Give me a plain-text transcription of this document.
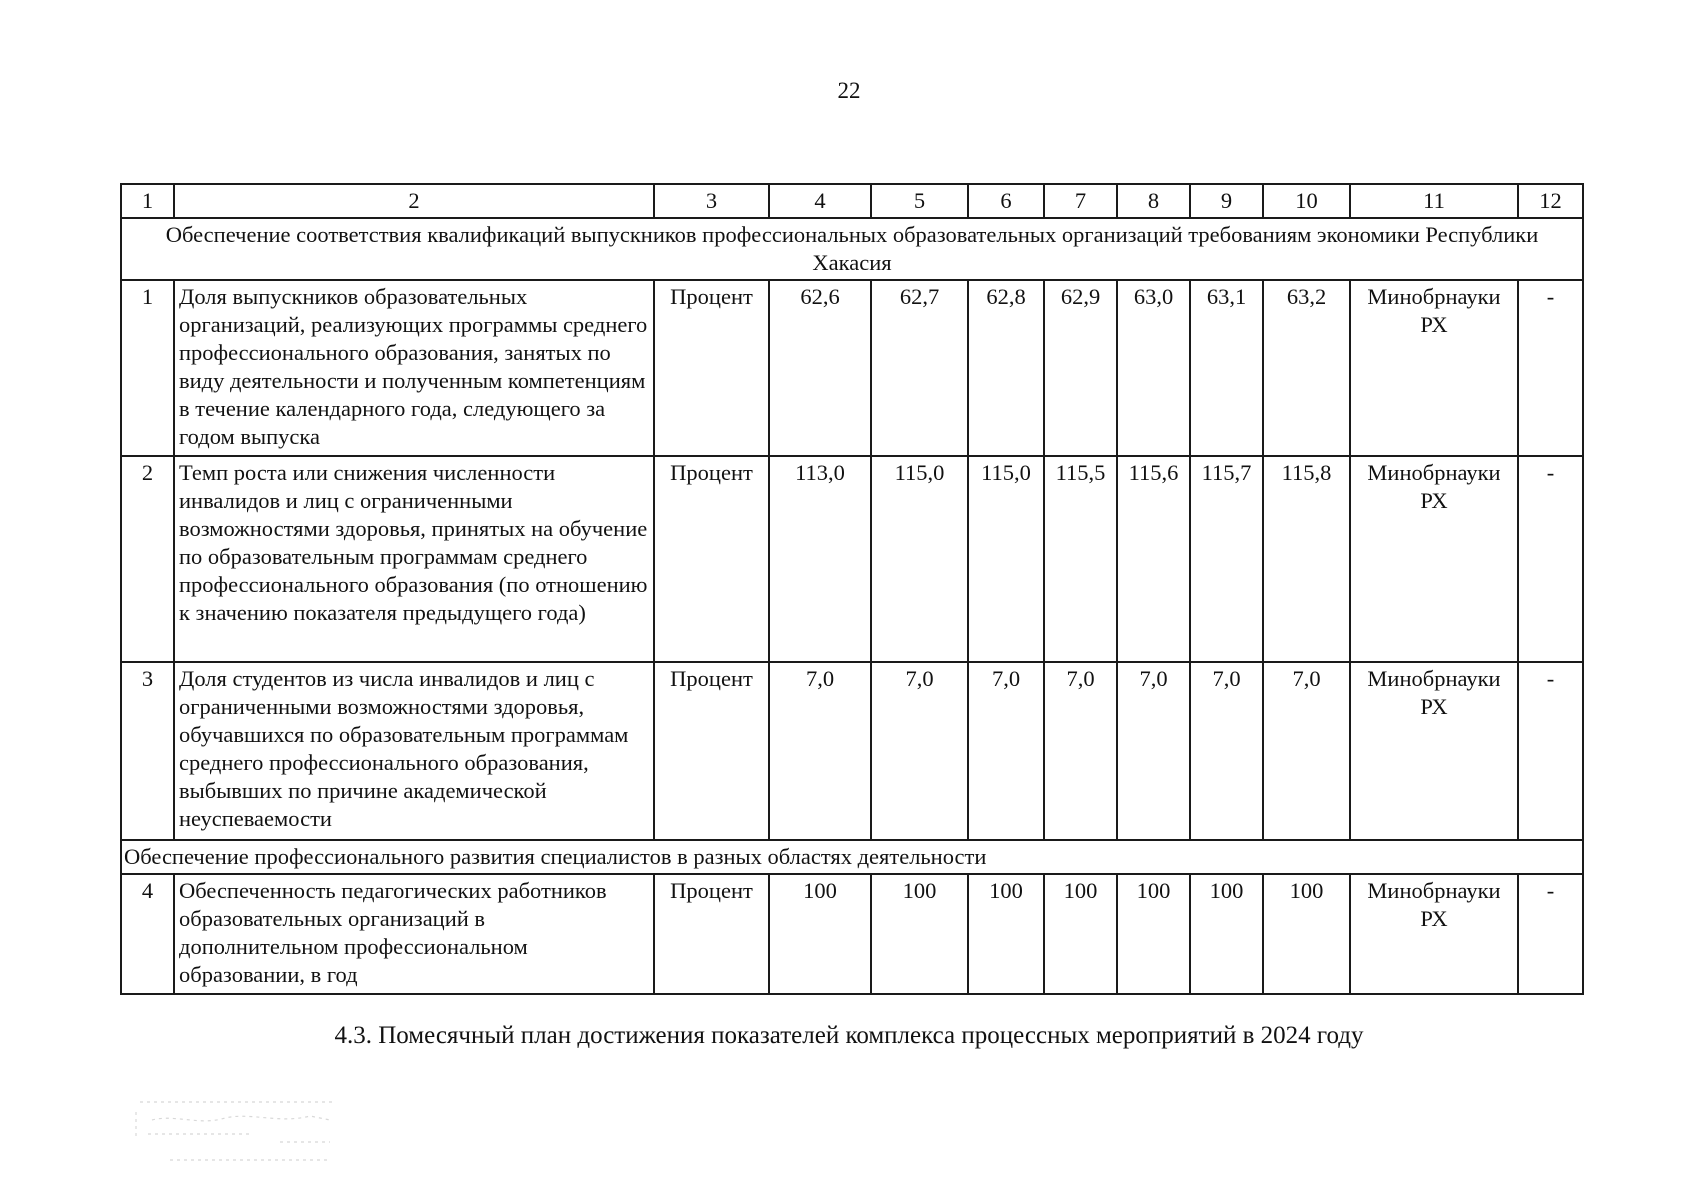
22
1	2	3	4	5	6	7	8	9	10	11	12
Обеспечение соответствия квалификаций выпускников профессиональных образовательных организаций требованиям экономики Республики Хакасия											
1	Доля выпускников образовательных организаций, реализующих программы среднего профессионального образования, занятых по виду деятельности и полученным компетенциям в течение календарного года, следующего за годом выпуска	Процент	62,6	62,7	62,8	62,9	63,0	63,1	63,2	Минобрнауки РХ	-
2	Темп роста или снижения численности инвалидов и лиц с ограниченными возможностями здоровья, принятых на обучение по образовательным программам среднего профессионального образования (по отношению к значению показателя предыдущего года)	Процент	113,0	115,0	115,0	115,5	115,6	115,7	115,8	Минобрнауки РХ	-
3	Доля студентов из числа инвалидов и лиц с ограниченными возможностями здоровья, обучавшихся по образовательным программам среднего профессионального образования, выбывших по причине академической неуспеваемости	Процент	7,0	7,0	7,0	7,0	7,0	7,0	7,0	Минобрнауки РХ	-
Обеспечение профессионального развития специалистов в разных областях деятельности											
4	Обеспеченность педагогических работников образовательных организаций в дополнительном профессиональном образовании, в год	Процент	100	100	100	100	100	100	100	Минобрнауки РХ	-
4.3. Помесячный план достижения показателей комплекса процессных мероприятий в 2024 году
